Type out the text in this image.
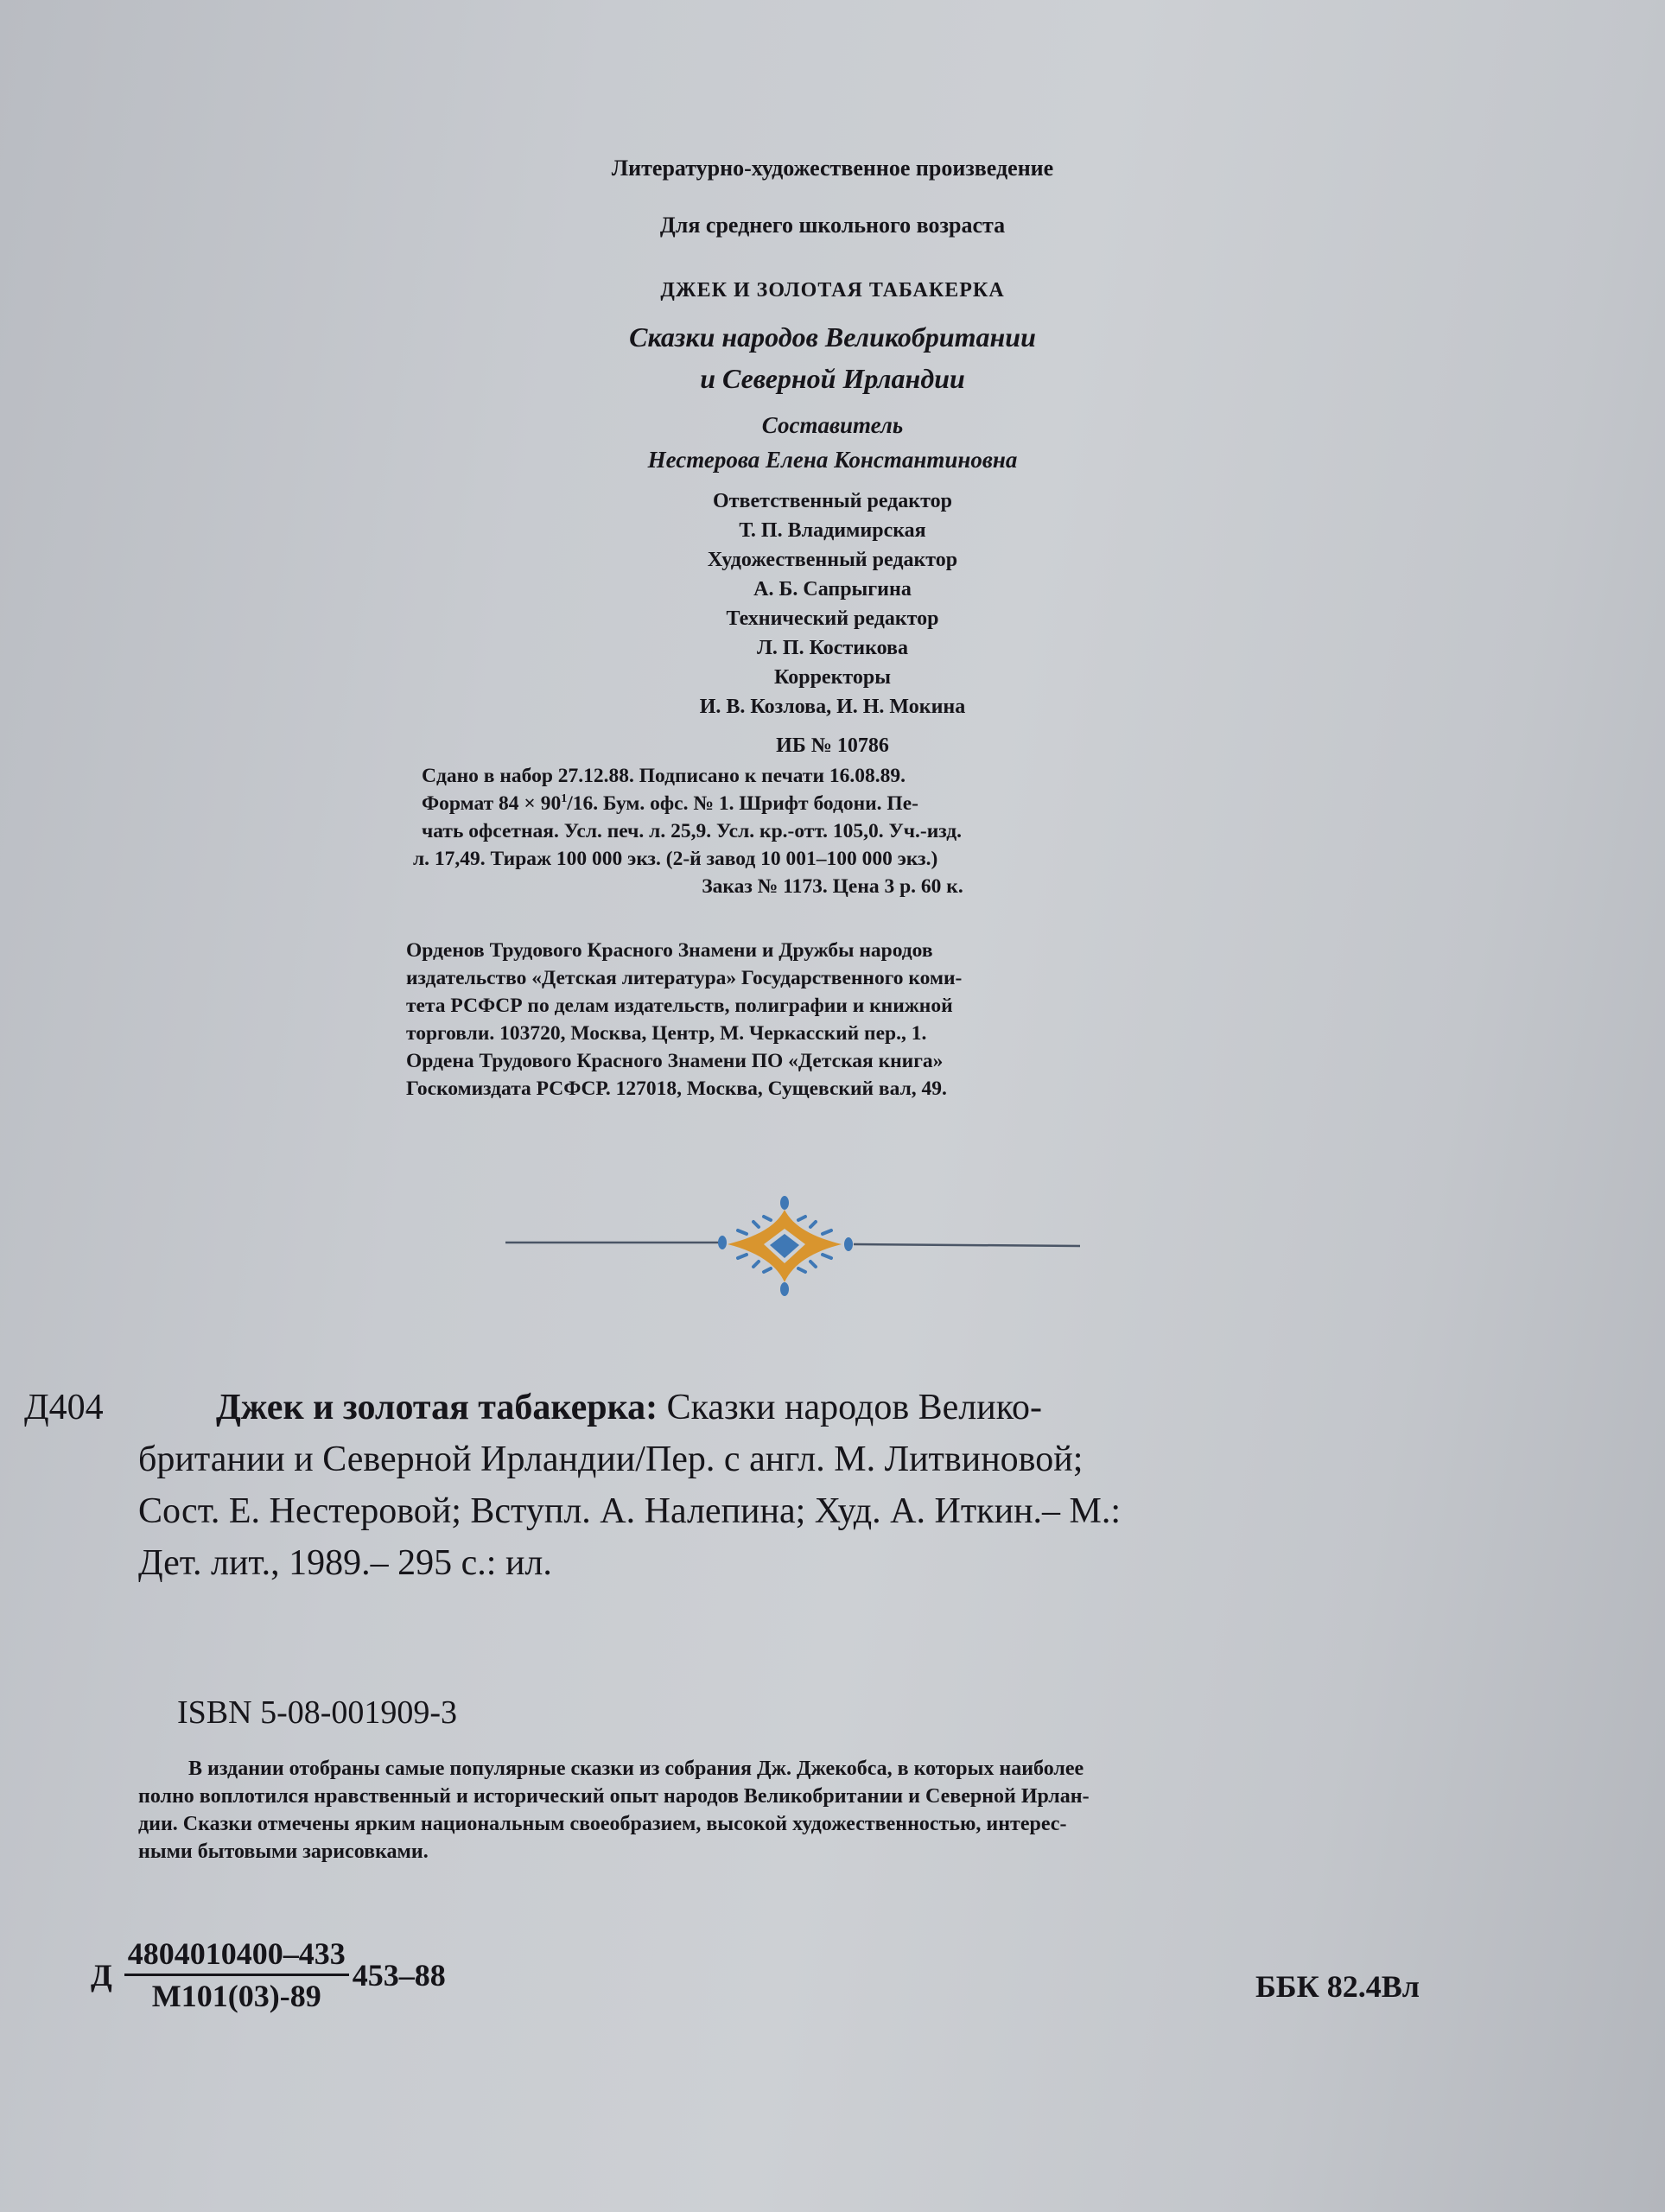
Литературно-художественное произведение
Для среднего школьного возраста
ДЖЕК И ЗОЛОТАЯ ТАБАКЕРКА
Сказки народов Великобритании
и Северной Ирландии
Составитель
Нестерова Елена Константиновна
Ответственный редактор
Т. П. Владимирская
Художественный редактор
А. Б. Сапрыгина
Технический редактор
Л. П. Костикова
Корректоры
И. В. Козлова, И. Н. Мокина
ИБ № 10786
Сдано в набор 27.12.88. Подписано к печати 16.08.89.
Формат $84 \times 90^1/16$. Бум. офс. № 1. Шрифт бодони. Пе-
чать офсетная. Усл. печ. л. 25,9. Усл. кр.-отт. 105,0. Уч.-изд.
л. 17,49. Тираж 100 000 экз. (2-й завод 10 001–100 000 экз.)
Заказ № 1173. Цена 3 р. 60 к.
Орденов Трудового Красного Знамени и Дружбы народов
издательство «Детская литература» Государственного коми-
тета РСФСР по делам издательств, полиграфии и книжной
торговли. 103720, Москва, Центр, М. Черкасский пер., 1.
Ордена Трудового Красного Знамени ПО «Детская книга»
Госкомиздата РСФСР. 127018, Москва, Сущевский вал, 49.
Д404	Джек и золотая табакерка: Сказки народов Велико-
британии и Северной Ирландии/Пер. с англ. М. Литвиновой;
Сост. Е. Нестеровой; Вступл. А. Налепина; Худ. А. Иткин.– М.:
Дет. лит., 1989.– 295 с.: ил.
ISBN 5-08-001909-3
В издании отобраны самые популярные сказки из собрания Дж. Джекобса, в которых наиболее
полно воплотился нравственный и исторический опыт народов Великобритании и Северной Ирлан-
дии. Сказки отмечены ярким национальным своеобразием, высокой художественностью, интерес-
ными бытовыми зарисовками.
Д $\frac{4804010400-433}{М101(03)-89} 453-88$	ББК 82.4Вл
